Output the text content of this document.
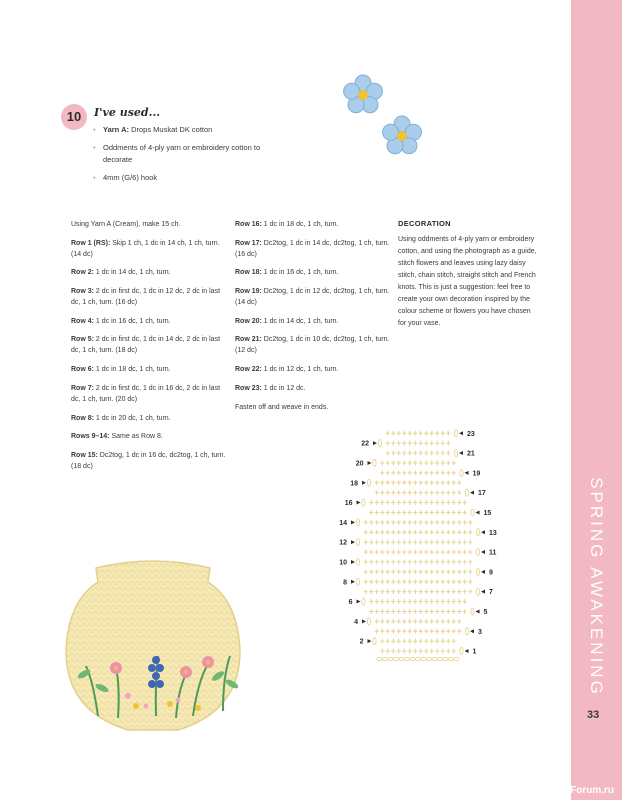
SPRING AWAKENING
33
PassionForum.ru
10	I've used...
• Yarn A: Drops Muskat DK cotton
• Oddments of 4-ply yarn or embroidery cotton to decorate
• 4mm (G/6) hook

Using Yarn A (Cream), make 15 ch.

Row 1 (RS): Skip 1 ch, 1 dc in 14 ch, 1 ch, turn. (14 dc)

Row 2: 1 dc in 14 dc, 1 ch, turn.

Row 3: 2 dc in first dc, 1 dc in 12 dc, 2 dc in last dc, 1 ch, turn. (16 dc)

Row 4: 1 dc in 16 dc, 1 ch, turn.

Row 5: 2 dc in first dc, 1 dc in 14 dc, 2 dc in last dc, 1 ch, turn. (18 dc)

Row 6: 1 dc in 18 dc, 1 ch, turn.

Row 7: 2 dc in first dc, 1 dc in 16 dc, 2 dc in last dc, 1 ch, turn. (20 dc)

Row 8: 1 dc in 20 dc, 1 ch, turn.

Rows 9–14: Same as Row 8.

Row 15: Dc2tog, 1 dc in 16 dc, dc2tog, 1 ch, turn. (18 dc)

Row 16: 1 dc in 18 dc, 1 ch, turn.

Row 17: Dc2tog, 1 dc in 14 dc, dc2tog, 1 ch, turn. (16 dc)

Row 18: 1 dc in 16 dc, 1 ch, turn.

Row 19: Dc2tog, 1 dc in 12 dc, dc2tog, 1 ch, turn. (14 dc)

Row 20: 1 dc in 14 dc, 1 ch, turn.

Row 21: Dc2tog, 1 dc in 10 dc, dc2tog, 1 ch, turn. (12 dc)

Row 22: 1 dc in 12 dc, 1 ch, turn.

Row 23: 1 dc in 12 dc.

Fasten off and weave in ends.

DECORATION
Using oddments of 4-ply yarn or embroidery cotton, and using the photograph as a guide, stitch flowers and leaves using lazy daisy stitch, chain stitch, straight stitch and French knots. This is just a suggestion: feel free to create your own decoration inspired by the colour scheme or flowers you have chosen for your vase.
1
2
3
4
5
6
7
8
9
10
11
12
13
14
15
16
17
18
19
20
21
22
23
